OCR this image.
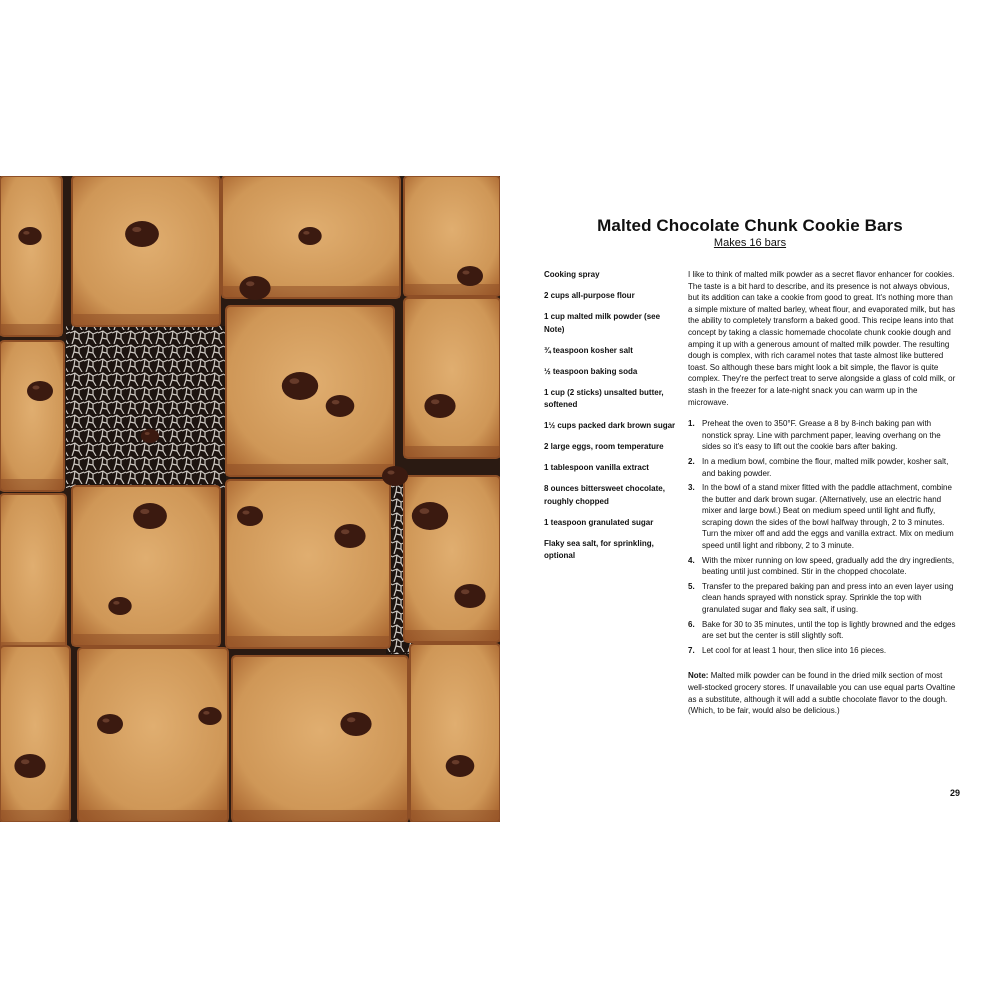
Malted Chocolate Chunk Cookie Bars
Makes 16 bars
Cooking spray
2 cups all-purpose flour
1 cup malted milk powder (see Note)
¾ teaspoon kosher salt
½ teaspoon baking soda
1 cup (2 sticks) unsalted butter, softened
1½ cups packed dark brown sugar
2 large eggs, room temperature
1 tablespoon vanilla extract
8 ounces bittersweet chocolate, roughly chopped
1 teaspoon granulated sugar
Flaky sea salt, for sprinkling, optional

I like to think of malted milk powder as a secret flavor enhancer for cookies. The taste is a bit hard to describe, and its presence is not always obvious, but its addition can take a cookie from good to great. It's nothing more than a simple mixture of malted barley, wheat flour, and evaporated milk, but has the ability to completely transform a baked good. This recipe leans into that concept by taking a classic homemade chocolate chunk cookie dough and amping it up with a generous amount of malted milk powder. The resulting dough is complex, with rich caramel notes that taste almost like buttered toast. So although these bars might look a bit simple, the flavor is quite complex. They're the perfect treat to serve alongside a glass of cold milk, or stash in the freezer for a late-night snack you can warm up in the microwave.

1. Preheat the oven to 350°F. Grease a 8 by 8-inch baking pan with nonstick spray. Line with parchment paper, leaving overhang on the sides so it's easy to lift out the cookie bars after baking.
2. In a medium bowl, combine the flour, malted milk powder, kosher salt, and baking powder.
3. In the bowl of a stand mixer fitted with the paddle attachment, combine the butter and dark brown sugar. (Alternatively, use an electric hand mixer and large bowl.) Beat on medium speed until light and fluffy, scraping down the sides of the bowl halfway through, 2 to 3 minutes. Turn the mixer off and add the eggs and vanilla extract. Mix on medium speed until light and ribbony, 2 to 3 minute.
4. With the mixer running on low speed, gradually add the dry ingredients, beating until just combined. Stir in the chopped chocolate.
5. Transfer to the prepared baking pan and press into an even layer using clean hands sprayed with nonstick spray. Sprinkle the top with granulated sugar and flaky sea salt, if using.
6. Bake for 30 to 35 minutes, until the top is lightly browned and the edges are set but the center is still slightly soft.
7. Let cool for at least 1 hour, then slice into 16 pieces.

Note: Malted milk powder can be found in the dried milk section of most well-stocked grocery stores. If unavailable you can use equal parts Ovaltine as a substitute, although it will add a subtle chocolate flavor to the dough. (Which, to be fair, would also be delicious.)

29
